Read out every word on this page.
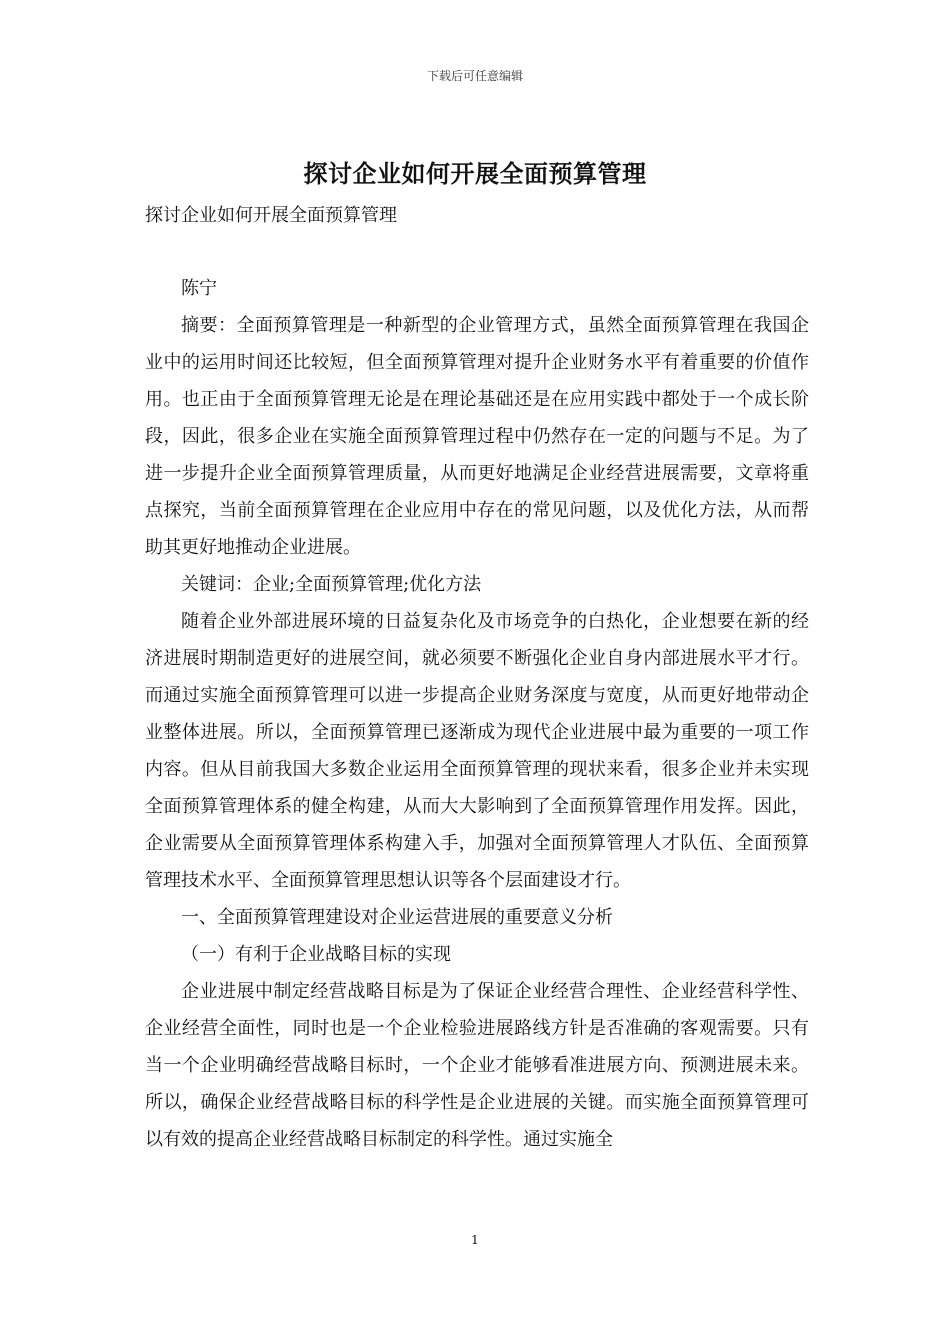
下载后可任意编辑
探讨企业如何开展全面预算管理
探讨企业如何开展全面预算管理

陈宁

摘要：全面预算管理是一种新型的企业管理方式，虽然全面预算管理在我国企业中的运用时间还比较短，但全面预算管理对提升企业财务水平有着重要的价值作用。也正由于全面预算管理无论是在理论基础还是在应用实践中都处于一个成长阶段，因此，很多企业在实施全面预算管理过程中仍然存在一定的问题与不足。为了进一步提升企业全面预算管理质量，从而更好地满足企业经营进展需要，文章将重点探究，当前全面预算管理在企业应用中存在的常见问题，以及优化方法，从而帮助其更好地推动企业进展。

关键词：企业;全面预算管理;优化方法

随着企业外部进展环境的日益复杂化及市场竞争的白热化，企业想要在新的经济进展时期制造更好的进展空间，就必须要不断强化企业自身内部进展水平才行。而通过实施全面预算管理可以进一步提高企业财务深度与宽度，从而更好地带动企业整体进展。所以，全面预算管理已逐渐成为现代企业进展中最为重要的一项工作内容。但从目前我国大多数企业运用全面预算管理的现状来看，很多企业并未实现全面预算管理体系的健全构建，从而大大影响到了全面预算管理作用发挥。因此，企业需要从全面预算管理体系构建入手，加强对全面预算管理人才队伍、全面预算管理技术水平、全面预算管理思想认识等各个层面建设才行。

一、全面预算管理建设对企业运营进展的重要意义分析

（一）有利于企业战略目标的实现

企业进展中制定经营战略目标是为了保证企业经营合理性、企业经营科学性、企业经营全面性，同时也是一个企业检验进展路线方针是否准确的客观需要。只有当一个企业明确经营战略目标时，一个企业才能够看准进展方向、预测进展未来。所以，确保企业经营战略目标的科学性是企业进展的关键。而实施全面预算管理可以有效的提高企业经营战略目标制定的科学性。通过实施全

1
